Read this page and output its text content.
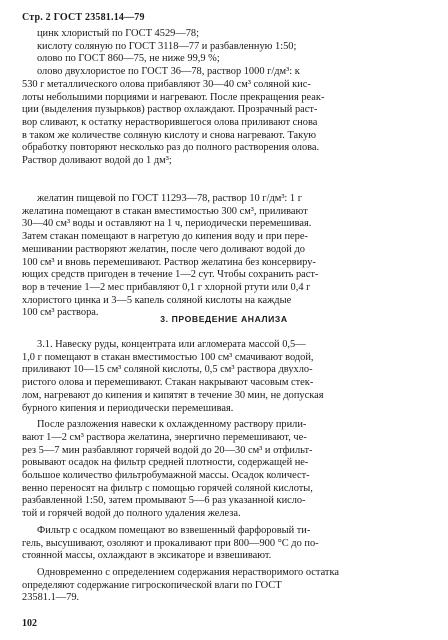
Стр. 2 ГОСТ 23581.14—79
цинк хлористый по ГОСТ 4529—78;
кислоту соляную по ГОСТ 3118—77 и разбавленную 1:50;
олово по ГОСТ 860—75, не ниже 99,9 %;
олово двухлористое по ГОСТ 36—78, раствор 1000 г/дм³: к
530 г металлического олова прибавляют 30—40 см³ соляной кис-
лоты небольшими порциями и нагревают. После прекращения реак-
ции (выделения пузырьков) раствор охлаждают. Прозрачный раст-
вор сливают, к остатку нерастворившегося олова приливают снова
в таком же количестве соляную кислоту и снова нагревают. Такую
обработку повторяют несколько раз до полного растворения олова.
Раствор доливают водой до 1 дм³;
желатин пищевой по ГОСТ 11293—78, раствор 10 г/дм³: 1 г
желатина помещают в стакан вместимостью 300 см³, приливают
30—40 см³ воды и оставляют на 1 ч, периодически перемешивая.
Затем стакан помещают в нагретую до кипения воду и при пере-
мешивании растворяют желатин, после чего доливают водой до
100 см³ и вновь перемешивают. Раствор желатина без консервиру-
ющих средств пригоден в течение 1—2 сут. Чтобы сохранить раст-
вор в течение 1—2 мес прибавляют 0,1 г хлорной ртути или 0,4 г
хлористого цинка и 3—5 капель соляной кислоты на каждые
100 см³ раствора.
3. ПРОВЕДЕНИЕ АНАЛИЗА
3.1. Навеску руды, концентрата или агломерата массой 0,5—
1,0 г помещают в стакан вместимостью 100 см³ смачивают водой,
приливают 10—15 см³ соляной кислоты, 0,5 см³ раствора двухло-
ристого олова и перемешивают. Стакан накрывают часовым стек-
лом, нагревают до кипения и кипятят в течение 30 мин, не допуская
бурного кипения и периодически перемешивая.
После разложения навески к охлажденному раствору прили-
вают 1—2 см³ раствора желатина, энергично перемешивают, че-
рез 5—7 мин разбавляют горячей водой до 20—30 см³ и отфильт-
ровывают осадок на фильтр средней плотности, содержащей не-
большое количество фильтробумажной массы. Осадок количест-
венно переносят на фильтр с помощью горячей соляной кислоты,
разбавленной 1:50, затем промывают 5—6 раз указанной кисло-
той и горячей водой до полного удаления железа.
Фильтр с осадком помещают во взвешенный фарфоровый ти-
гель, высушивают, озоляют и прокаливают при 800—900 °С до по-
стоянной массы, охлаждают в эксикаторе и взвешивают.
Одновременно с определением содержания нерастворимого остатка
определяют содержание гигроскопической влаги по ГОСТ
23581.1—79.
102
